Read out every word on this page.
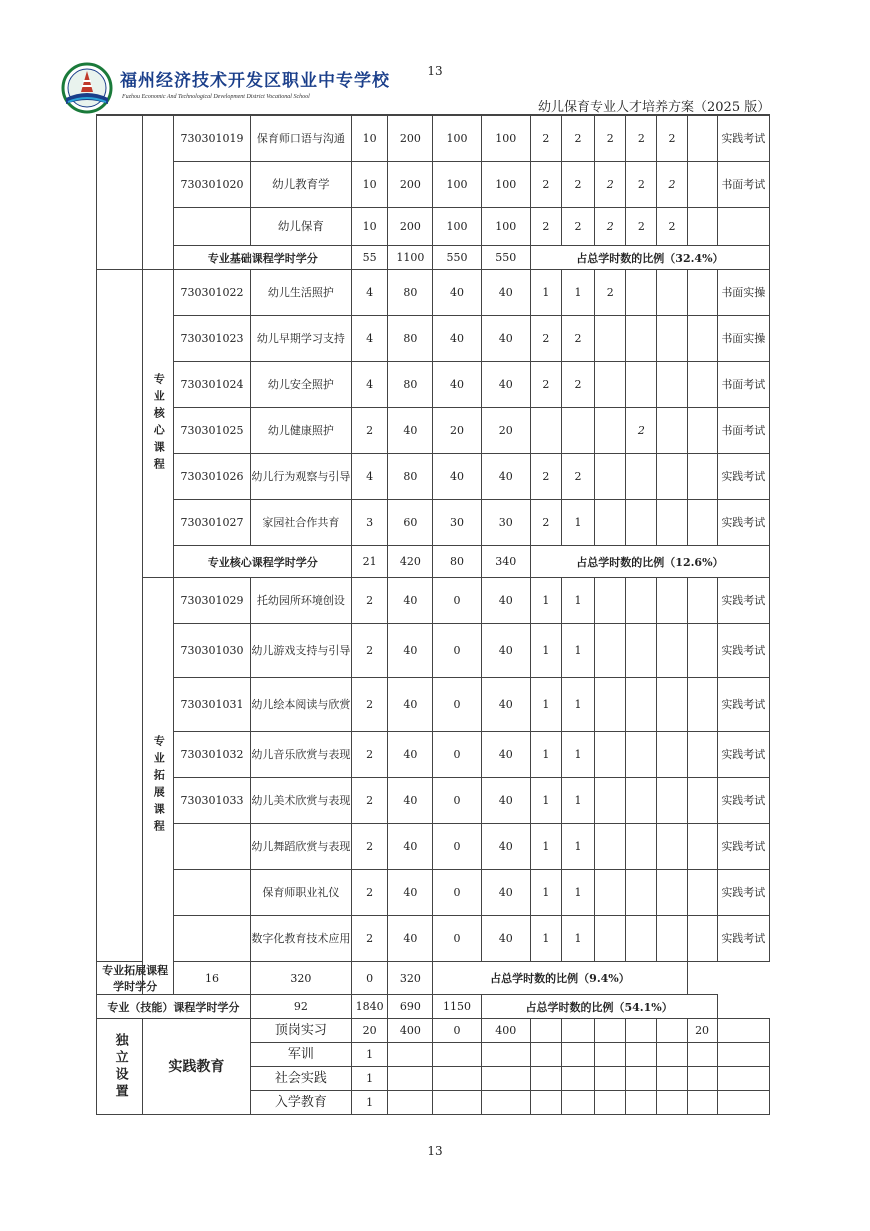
13
福州经济技术开发区职业中专学校
Fuzhou Economic And Technological Development District Vocational School
幼儿保育专业人才培养方案（2025 版）
		730301019	保育师口语与沟通	10	200	100	100	2	2	2	2	2		实践考试
		730301020	幼儿教育学	10	200	100	100	2	2	2	2	2		书面考试
			幼儿保育	10	200	100	100	2	2	2	2	2		
		专业基础课程学时学分		55	1100	550	550	占总学时数的比例（32.4%）						
	专业核心课程	730301022	幼儿生活照护	4	80	40	40	1	1	2				书面实操
		730301023	幼儿早期学习支持	4	80	40	40	2	2					书面实操
		730301024	幼儿安全照护	4	80	40	40	2	2					书面考试
		730301025	幼儿健康照护	2	40	20	20				2			书面考试
		730301026	幼儿行为观察与引导	4	80	40	40	2	2					实践考试
		730301027	家园社合作共育	3	60	30	30	2	1					实践考试
		专业核心课程学时学分		21	420	80	340	占总学时数的比例（12.6%）						
	专业拓展课程	730301029	托幼园所环境创设	2	40	0	40	1	1					实践考试
		730301030	幼儿游戏支持与引导	2	40	0	40	1	1					实践考试
		730301031	幼儿绘本阅读与欣赏	2	40	0	40	1	1					实践考试
		730301032	幼儿音乐欣赏与表现	2	40	0	40	1	1					实践考试
		730301033	幼儿美术欣赏与表现	2	40	0	40	1	1					实践考试
			幼儿舞蹈欣赏与表现	2	40	0	40	1	1					实践考试
			保育师职业礼仪	2	40	0	40	1	1					实践考试
			数字化教育技术应用	2	40	0	40	1	1					实践考试
专业拓展课程学时学分		16	320	0	320	占总学时数的比例（9.4%）								
专业（技能）课程学时学分			92	1840	690	1150	占总学时数的比例（54.1%）							
独立设置	实践教育		顶岗实习	20	400	0	400						20	
			军训	1										
			社会实践	1										
			入学教育	1										
13
